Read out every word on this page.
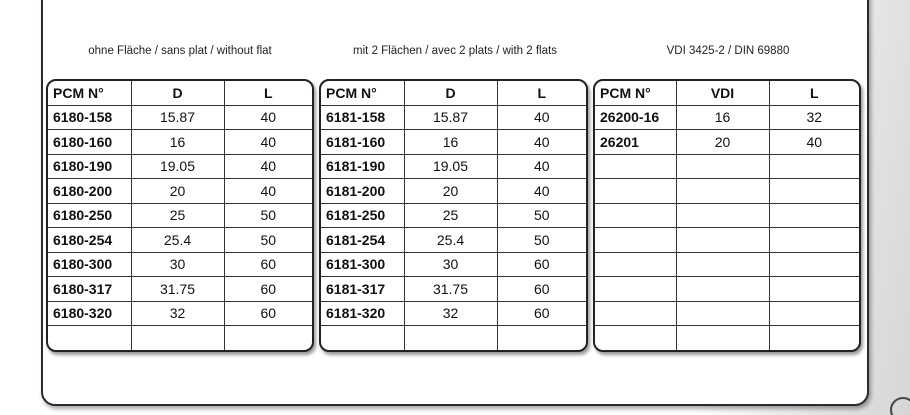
ohne Fläche / sans plat / without flat	mit 2 Flächen / avec 2 plats / with 2 flats	VDI 3425-2 / DIN 69880
PCM N°	D	L
6180-158	15.87	40
6180-160	16	40
6180-190	19.05	40
6180-200	20	40
6180-250	25	50
6180-254	25.4	50
6180-300	30	60
6180-317	31.75	60
6180-320	32	60

PCM N°	D	L
6181-158	15.87	40
6181-160	16	40
6181-190	19.05	40
6181-200	20	40
6181-250	25	50
6181-254	25.4	50
6181-300	30	60
6181-317	31.75	60
6181-320	32	60

PCM N°	VDI	L
26200-16	16	32
26201	20	40
